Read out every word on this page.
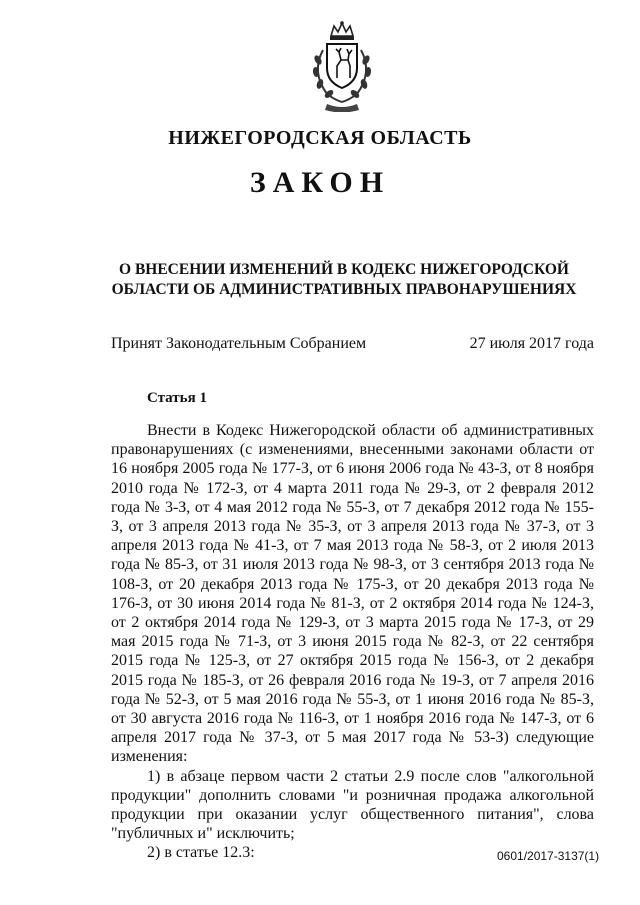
НИЖЕГОРОДСКАЯ ОБЛАСТЬ
ЗАКОН
О ВНЕСЕНИИ ИЗМЕНЕНИЙ В КОДЕКС НИЖЕГОРОДСКОЙ
ОБЛАСТИ ОБ АДМИНИСТРАТИВНЫХ ПРАВОНАРУШЕНИЯХ
Принят Законодательным Собранием	27 июля 2017 года
Статья 1

Внести в Кодекс Нижегородской области об административных правонарушениях (с изменениями, внесенными законами области от 16 ноября 2005 года № 177-З, от 6 июня 2006 года № 43-З, от 8 ноября 2010 года № 172-З, от 4 марта 2011 года № 29-З, от 2 февраля 2012 года № 3-З, от 4 мая 2012 года № 55-З, от 7 декабря 2012 года № 155-З, от 3 апреля 2013 года № 35-З, от 3 апреля 2013 года № 37-З, от 3 апреля 2013 года № 41-З, от 7 мая 2013 года № 58-З, от 2 июля 2013 года № 85-З, от 31 июля 2013 года № 98-З, от 3 сентября 2013 года № 108-З, от 20 декабря 2013 года № 175-З, от 20 декабря 2013 года № 176-З, от 30 июня 2014 года № 81-З, от 2 октября 2014 года № 124-З, от 2 октября 2014 года № 129-З, от 3 марта 2015 года № 17-З, от 29 мая 2015 года № 71-З, от 3 июня 2015 года № 82-З, от 22 сентября 2015 года № 125-З, от 27 октября 2015 года № 156-З, от 2 декабря 2015 года № 185-З, от 26 февраля 2016 года № 19-З, от 7 апреля 2016 года № 52-З, от 5 мая 2016 года № 55-З, от 1 июня 2016 года № 85-З, от 30 августа 2016 года № 116-З, от 1 ноября 2016 года № 147-З, от 6 апреля 2017 года № 37-З, от 5 мая 2017 года № 53-З) следующие изменения:

1) в абзаце первом части 2 статьи 2.9 после слов "алкогольной продукции" дополнить словами "и розничная продажа алкогольной продукции при оказании услуг общественного питания", слова "публичных и" исключить;

2) в статье 12.3:	0601/2017-3137(1)
